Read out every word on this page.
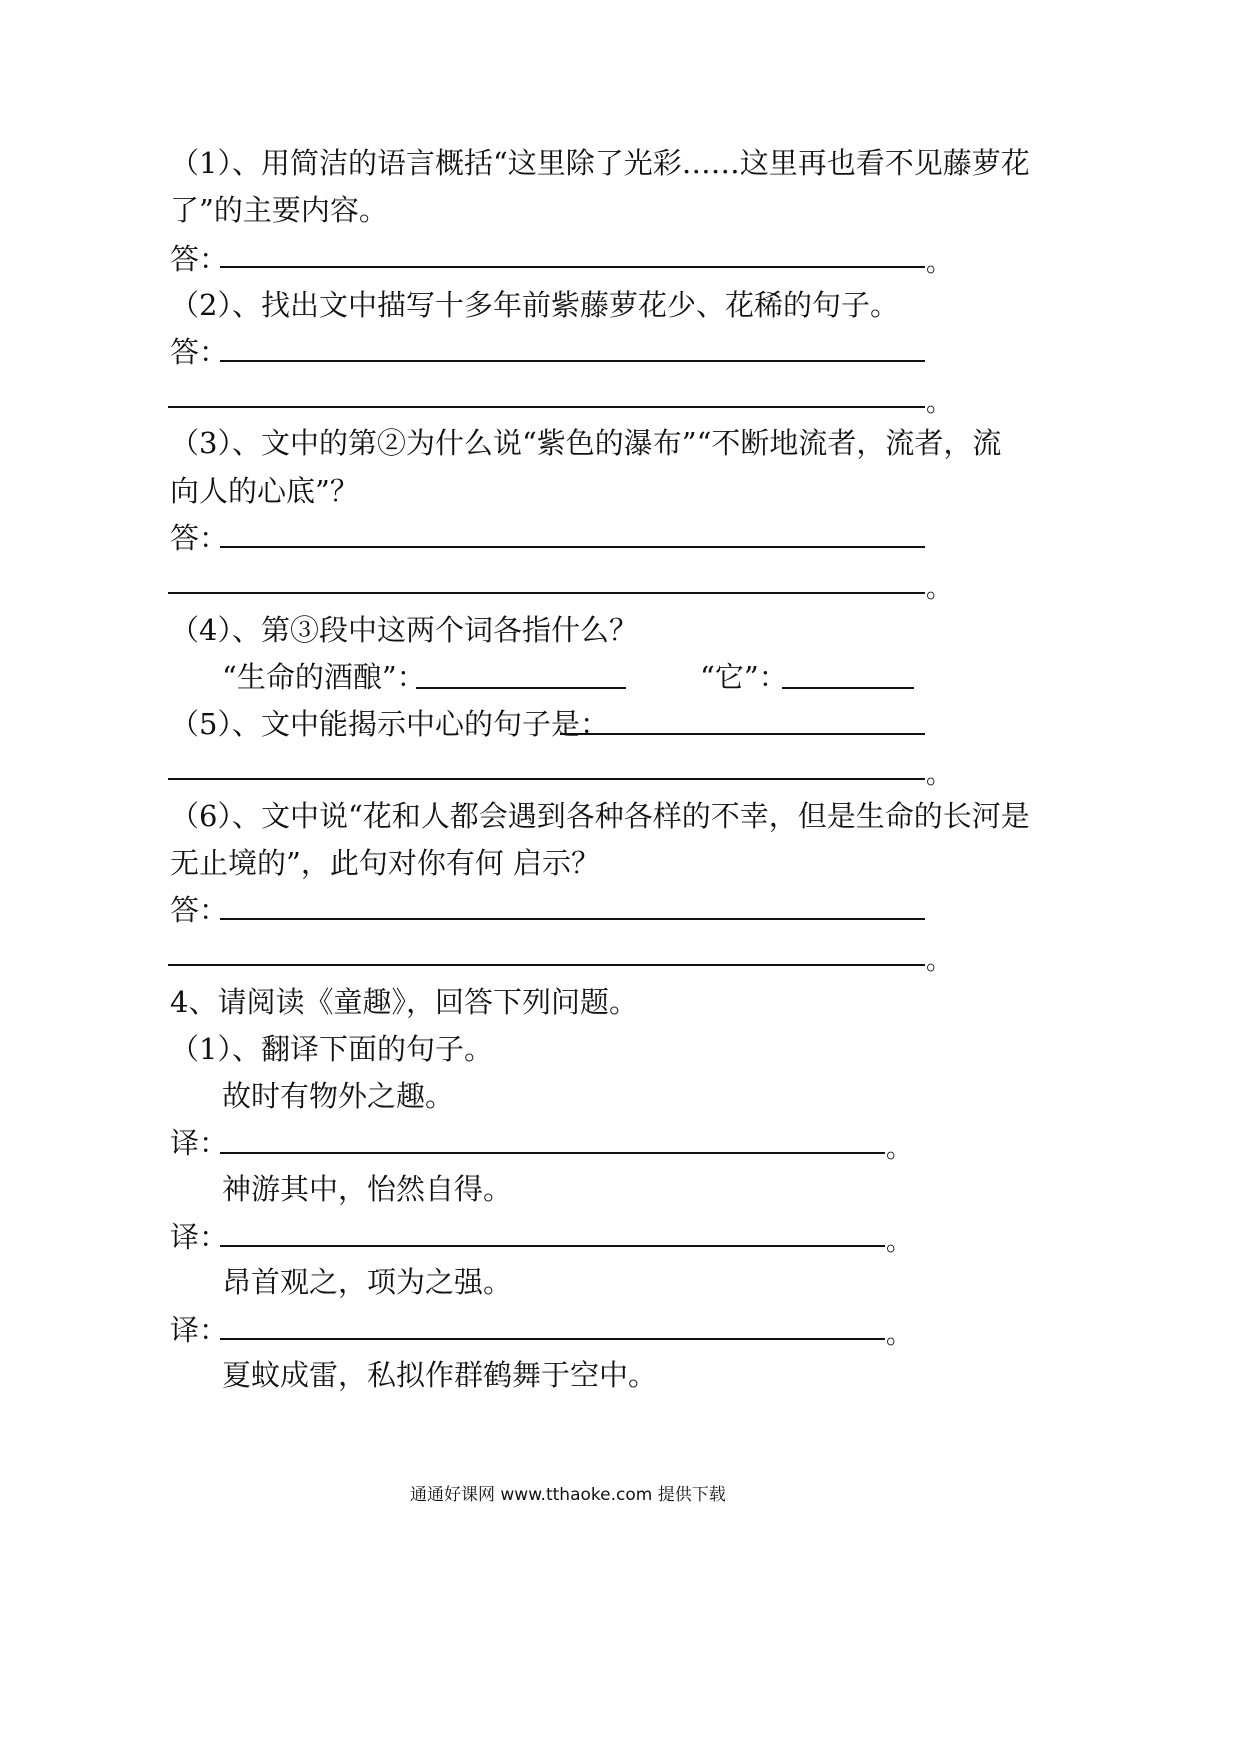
（1）、用简洁的语言概括“这里除了光彩……这里再也看不见藤萝花
了”的主要内容。
答：	。
（2）、找出文中描写十多年前紫藤萝花少、花稀的句子。
答：
。
（3）、文中的第②为什么说“紫色的瀑布”“不断地流者，流者，流
向人的心底”？
答：
。
（4）、第③段中这两个词各指什么？
“生命的酒酿”：	“它”：
（5）、文中能揭示中心的句子是：
。
（6）、文中说“花和人都会遇到各种各样的不幸，但是生命的长河是
无止境的”，此句对你有何 启示？
答：
。
4、请阅读《童趣》，回答下列问题。
（1）、翻译下面的句子。
故时有物外之趣。
译：	。
神游其中，怡然自得。
译：	。
昂首观之，项为之强。
译：	。
夏蚊成雷，私拟作群鹤舞于空中。
通通好课网 www.tthaoke.com 提供下载
